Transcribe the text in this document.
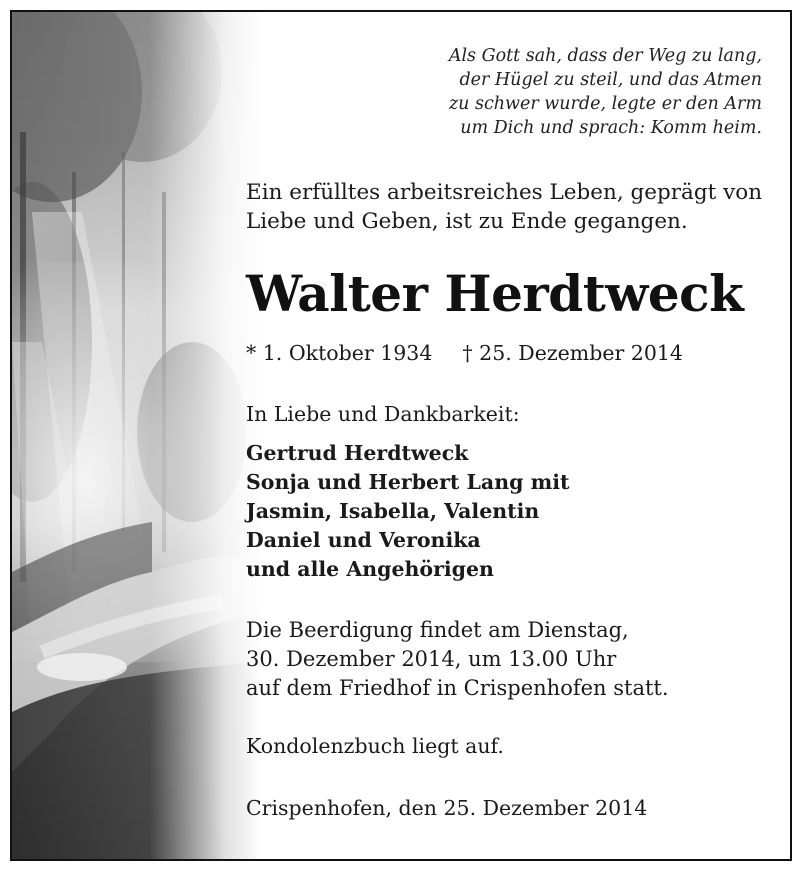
Als Gott sah, dass der Weg zu lang,
der Hügel zu steil, und das Atmen
zu schwer wurde, legte er den Arm
um Dich und sprach: Komm heim.
Ein erfülltes arbeitsreiches Leben, geprägt von
Liebe und Geben, ist zu Ende gegangen.
Walter Herdtweck
* 1. Oktober 1934 † 25. Dezember 2014
In Liebe und Dankbarkeit:
Gertrud Herdtweck
Sonja und Herbert Lang mit
Jasmin, Isabella, Valentin
Daniel und Veronika
und alle Angehörigen
Die Beerdigung findet am Dienstag,
30. Dezember 2014, um 13.00 Uhr
auf dem Friedhof in Crispenhofen statt.
Kondolenzbuch liegt auf.
Crispenhofen, den 25. Dezember 2014
